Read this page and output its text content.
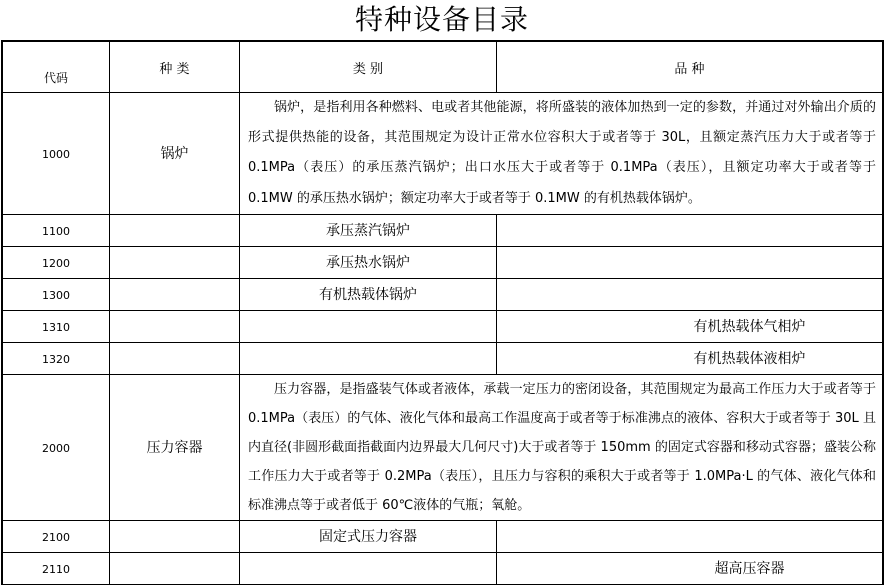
特种设备目录
代码	种 类	类 别	品 种
1000	锅炉	锅炉，是指利用各种燃料、电或者其他能源，将所盛装的液体加热到一定的参数，并通过对外输出介质的形式提供热能的设备，其范围规定为设计正常水位容积大于或者等于 30L，且额定蒸汽压力大于或者等于 0.1MPa（表压）的承压蒸汽锅炉；出口水压大于或者等于 0.1MPa（表压），且额定功率大于或者等于 0.1MW 的承压热水锅炉；额定功率大于或者等于 0.1MW 的有机热载体锅炉。	

1100		承压蒸汽锅炉	
1200		承压热水锅炉	
1300		有机热载体锅炉	
1310			有机热载体气相炉
1320			有机热载体液相炉
2000	压力容器	压力容器，是指盛装气体或者液体，承载一定压力的密闭设备，其范围规定为最高工作压力大于或者等于 0.1MPa（表压）的气体、液化气体和最高工作温度高于或者等于标准沸点的液体、容积大于或者等于 30L 且内直径(非圆形截面指截面内边界最大几何尺寸)大于或者等于 150mm 的固定式容器和移动式容器；盛装公称工作压力大于或者等于 0.2MPa（表压），且压力与容积的乘积大于或者等于 1.0MPa·L 的气体、液化气体和标准沸点等于或者低于 60℃液体的气瓶；氧舱。	

2100		固定式压力容器	
2110			超高压容器
